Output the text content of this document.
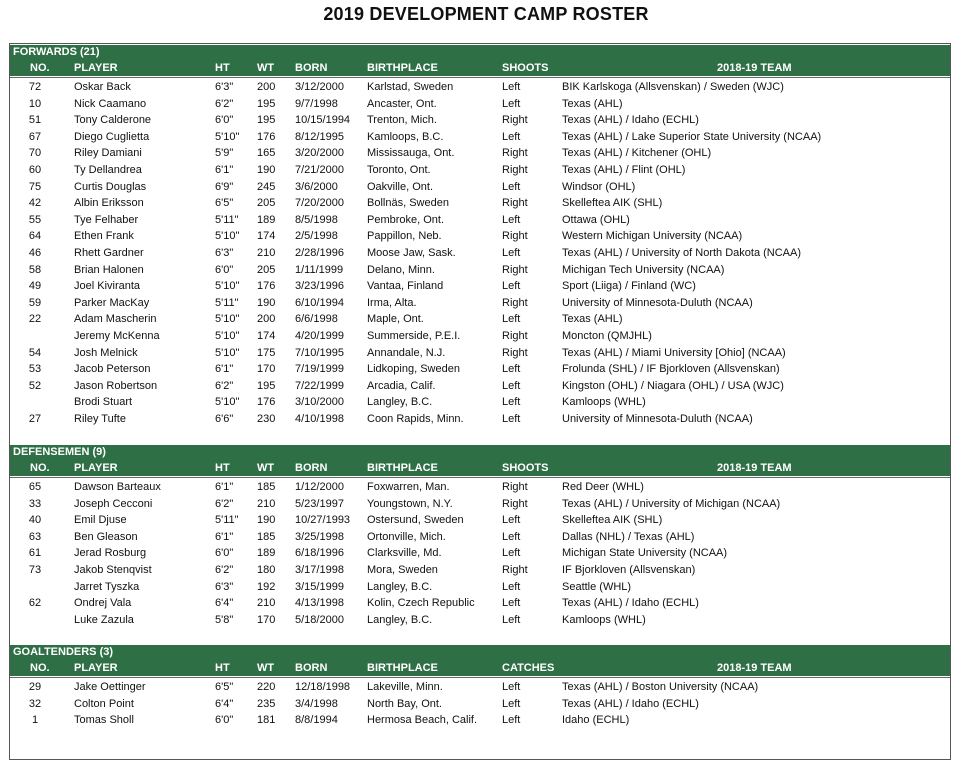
2019 DEVELOPMENT CAMP ROSTER
FORWARDS (21)
NO. PLAYER	HT WT BORN	BIRTHPLACE	SHOOTS	2018-19 TEAM
72	Oskar Back	6'3" 200 3/12/2000 Karlstad, Sweden	Left	BIK Karlskoga (Allsvenskan) / Sweden (WJC)
10	Nick Caamano	6'2" 195 9/7/1998	Ancaster, Ont.	Left	Texas (AHL)
51	Tony Calderone	6'0" 195 10/15/1994 Trenton, Mich.	Right	Texas (AHL) / Idaho (ECHL)
67	Diego Cuglietta	5'10" 176 8/12/1995 Kamloops, B.C.	Left	Texas (AHL) / Lake Superior State University (NCAA)
70	Riley Damiani	5'9" 165 3/20/2000 Mississauga, Ont.	Right	Texas (AHL) / Kitchener (OHL)
60	Ty Dellandrea	6'1" 190 7/21/2000 Toronto, Ont.	Right	Texas (AHL) / Flint (OHL)
75	Curtis Douglas	6'9" 245 3/6/2000	Oakville, Ont.	Left	Windsor (OHL)
42	Albin Eriksson	6'5" 205 7/20/2000 Bollnäs, Sweden	Right	Skelleftea AIK (SHL)
55	Tye Felhaber	5'11" 189 8/5/1998	Pembroke, Ont.	Left	Ottawa (OHL)
64	Ethen Frank	5'10" 174 2/5/1998	Pappillon, Neb.	Right	Western Michigan University (NCAA)
46	Rhett Gardner	6'3" 210 2/28/1996 Moose Jaw, Sask.	Left	Texas (AHL) / University of North Dakota (NCAA)
58	Brian Halonen	6'0" 205 1/11/1999 Delano, Minn.	Right	Michigan Tech University (NCAA)
49	Joel Kiviranta	5'10" 176 3/23/1996 Vantaa, Finland	Left	Sport (Liiga) / Finland (WC)
59	Parker MacKay	5'11" 190 6/10/1994 Irma, Alta.	Right	University of Minnesota-Duluth (NCAA)
22	Adam Mascherin	5'10" 200 6/6/1998	Maple, Ont.	Left	Texas (AHL)
Jeremy McKenna	5'10" 174 4/20/1999 Summerside, P.E.I.	Right	Moncton (QMJHL)
54	Josh Melnick	5'10" 175 7/10/1995 Annandale, N.J.	Right	Texas (AHL) / Miami University [Ohio] (NCAA)
53	Jacob Peterson	6'1" 170 7/19/1999 Lidkoping, Sweden	Left	Frolunda (SHL) / IF Bjorkloven (Allsvenskan)
52	Jason Robertson	6'2" 195 7/22/1999 Arcadia, Calif.	Left	Kingston (OHL) / Niagara (OHL) / USA (WJC)
Brodi Stuart	5'10" 176 3/10/2000 Langley, B.C.	Left	Kamloops (WHL)
27	Riley Tufte	6'6" 230 4/10/1998 Coon Rapids, Minn.	Left	University of Minnesota-Duluth (NCAA)
DEFENSEMEN (9)
NO. PLAYER	HT WT BORN	BIRTHPLACE	SHOOTS	2018-19 TEAM
65	Dawson Barteaux	6'1" 185 1/12/2000 Foxwarren, Man.	Right	Red Deer (WHL)
33	Joseph Cecconi	6'2" 210 5/23/1997 Youngstown, N.Y.	Right	Texas (AHL) / University of Michigan (NCAA)
40	Emil Djuse	5'11" 190 10/27/1993 Ostersund, Sweden	Left	Skelleftea AIK (SHL)
63	Ben Gleason	6'1" 185 3/25/1998 Ortonville, Mich.	Left	Dallas (NHL) / Texas (AHL)
61	Jerad Rosburg	6'0" 189 6/18/1996 Clarksville, Md.	Left	Michigan State University (NCAA)
73	Jakob Stenqvist	6'2" 180 3/17/1998 Mora, Sweden	Right	IF Bjorkloven (Allsvenskan)
Jarret Tyszka	6'3" 192 3/15/1999 Langley, B.C.	Left	Seattle (WHL)
62	Ondrej Vala	6'4" 210 4/13/1998 Kolin, Czech Republic Left	Texas (AHL) / Idaho (ECHL)
Luke Zazula	5'8" 170 5/18/2000 Langley, B.C.	Left	Kamloops (WHL)
GOALTENDERS (3)
NO. PLAYER	HT WT BORN	BIRTHPLACE	CATCHES	2018-19 TEAM
29	Jake Oettinger	6'5" 220 12/18/1998 Lakeville, Minn.	Left	Texas (AHL) / Boston University (NCAA)
32	Colton Point	6'4" 235 3/4/1998	North Bay, Ont.	Left	Texas (AHL) / Idaho (ECHL)
1	Tomas Sholl	6'0" 181 8/8/1994	Hermosa Beach, Calif. Left	Idaho (ECHL)
